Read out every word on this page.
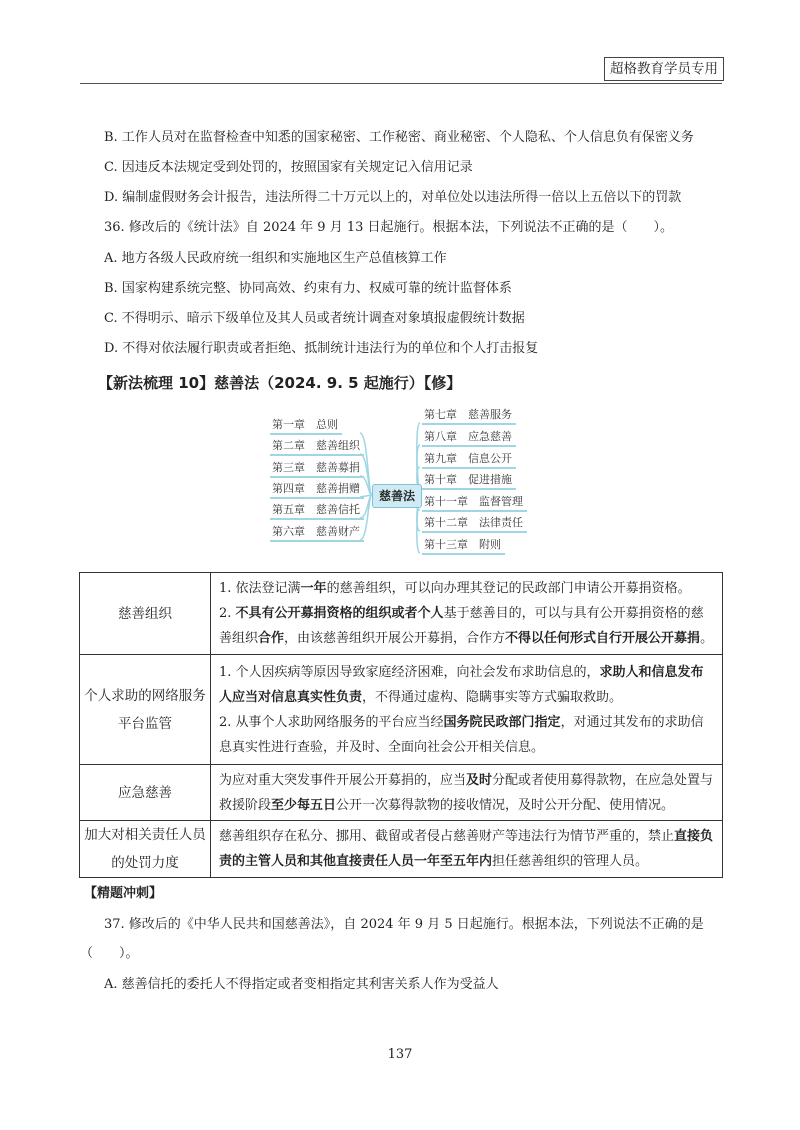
超格教育学员专用
B. 工作人员对在监督检查中知悉的国家秘密、工作秘密、商业秘密、个人隐私、个人信息负有保密义务
C. 因违反本法规定受到处罚的，按照国家有关规定记入信用记录
D. 编制虚假财务会计报告，违法所得二十万元以上的，对单位处以违法所得一倍以上五倍以下的罚款
36. 修改后的《统计法》自 2024 年 9 月 13 日起施行。根据本法，下列说法不正确的是（　　）。
A. 地方各级人民政府统一组织和实施地区生产总值核算工作
B. 国家构建系统完整、协同高效、约束有力、权威可靠的统计监督体系
C. 不得明示、暗示下级单位及其人员或者统计调查对象填报虚假统计数据
D. 不得对依法履行职责或者拒绝、抵制统计违法行为的单位和个人打击报复
【新法梳理 10】慈善法（2024. 9. 5 起施行）【修】
第一章　总则
第二章　慈善组织
第三章　慈善募捐
第四章　慈善捐赠
第五章　慈善信托
第六章　慈善财产
慈善法
第七章　慈善服务
第八章　应急慈善
第九章　信息公开
第十章　促进措施
第十一章　监督管理
第十二章　法律责任
第十三章　附则
慈善组织	1. 依法登记满一年的慈善组织，可以向办理其登记的民政部门申请公开募捐资格。
2. 不具有公开募捐资格的组织或者个人基于慈善目的，可以与具有公开募捐资格的慈善组织合作，由该慈善组织开展公开募捐，合作方不得以任何形式自行开展公开募捐。

个人求助的网络服务平台监管	1. 个人因疾病等原因导致家庭经济困难，向社会发布求助信息的，求助人和信息发布人应当对信息真实性负责，不得通过虚构、隐瞒事实等方式骗取救助。
2. 从事个人求助网络服务的平台应当经国务院民政部门指定，对通过其发布的求助信息真实性进行查验，并及时、全面向社会公开相关信息。

应急慈善	为应对重大突发事件开展公开募捐的，应当及时分配或者使用募得款物，在应急处置与救援阶段至少每五日公开一次募得款物的接收情况，及时公开分配、使用情况。

加大对相关责任人员的处罚力度	慈善组织存在私分、挪用、截留或者侵占慈善财产等违法行为情节严重的，禁止直接负责的主管人员和其他直接责任人员一年至五年内担任慈善组织的管理人员。
【精题冲刺】
37. 修改后的《中华人民共和国慈善法》，自 2024 年 9 月 5 日起施行。根据本法，下列说法不正确的是
（　　）。
A. 慈善信托的委托人不得指定或者变相指定其利害关系人作为受益人
137
